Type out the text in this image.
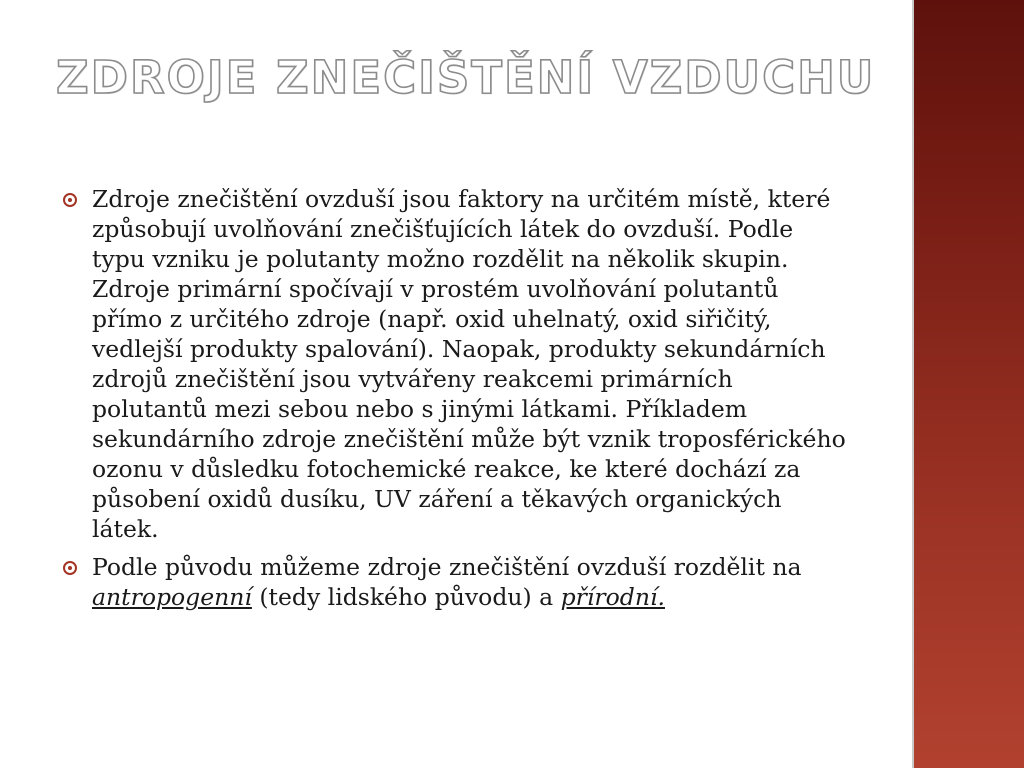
ZDROJE ZNEČIŠTĚNÍ VZDUCHU
Zdroje znečištění ovzduší jsou faktory na určitém místě, které způsobují uvolňování znečišťujících látek do ovzduší. Podle typu vzniku je polutanty možno rozdělit na několik skupin. Zdroje primární spočívají v prostém uvolňování polutantů přímo z určitého zdroje (např. oxid uhelnatý, oxid siřičitý, vedlejší produkty spalování). Naopak, produkty sekundárních zdrojů znečištění jsou vytvářeny reakcemi primárních polutantů mezi sebou nebo s jinými látkami. Příkladem sekundárního zdroje znečištění může být vznik troposférického ozonu v důsledku fotochemické reakce, ke které dochází za působení oxidů dusíku, UV záření a těkavých organických látek.
Podle původu můžeme zdroje znečištění ovzduší rozdělit na antropogenní (tedy lidského původu) a přírodní.
